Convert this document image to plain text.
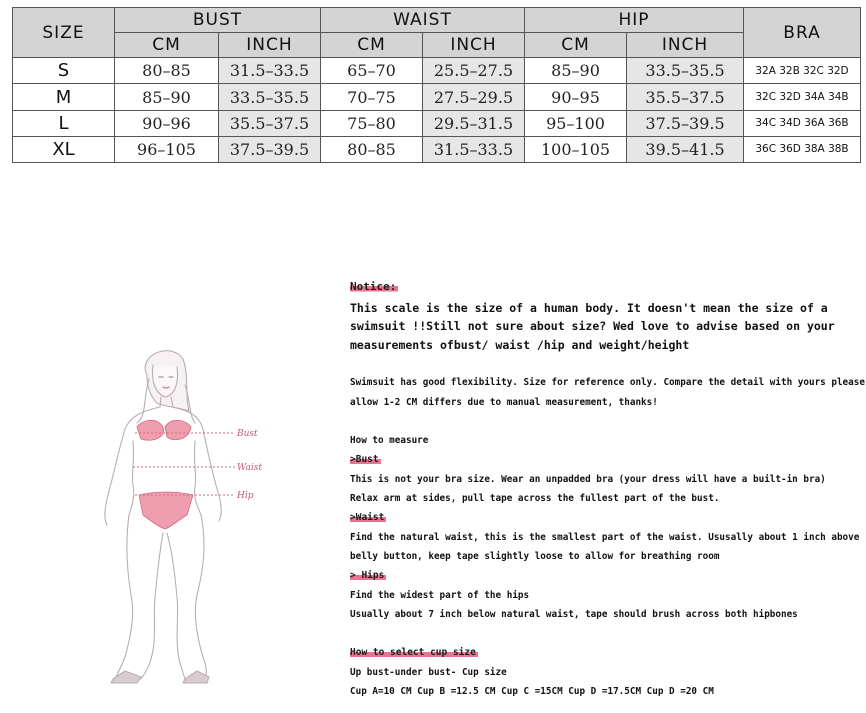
SIZE	BUST		WAIST		HIP		BRA
	CM	INCH	CM	INCH	CM	INCH	
S	80–85	31.5–33.5	65–70	25.5–27.5	85–90	33.5–35.5	32A 32B 32C 32D
M	85–90	33.5–35.5	70–75	27.5–29.5	90–95	35.5–37.5	32C 32D 34A 34B
L	90–96	35.5–37.5	75–80	29.5–31.5	95–100	37.5–39.5	34C 34D 36A 36B
XL	96–105	37.5–39.5	80–85	31.5–33.5	100–105	39.5–41.5	36C 36D 38A 38B
Bust
Waist
Hip
Notice:
This scale is the size of a human body. It doesn't mean the size of a
swimsuit !!Still not sure about size? Wed love to advise based on your
measurements ofbust/ waist /hip and weight/height
Swimsuit has good flexibility. Size for reference only. Compare the detail with yours please
allow 1-2 CM differs due to manual measurement, thanks!
How to measure
>Bust
This is not your bra size. Wear an unpadded bra (your dress will have a built-in bra)
Relax arm at sides, pull tape across the fullest part of the bust.
>Waist
Find the natural waist, this is the smallest part of the waist. Ususally about 1 inch above
belly button, keep tape slightly loose to allow for breathing room
> Hips
Find the widest part of the hips
Usually about 7 inch below natural waist, tape should brush across both hipbones
How to select cup size
Up bust-under bust- Cup size
Cup A=10 CM Cup B =12.5 CM Cup C =15CM Cup D =17.5CM Cup D =20 CM
